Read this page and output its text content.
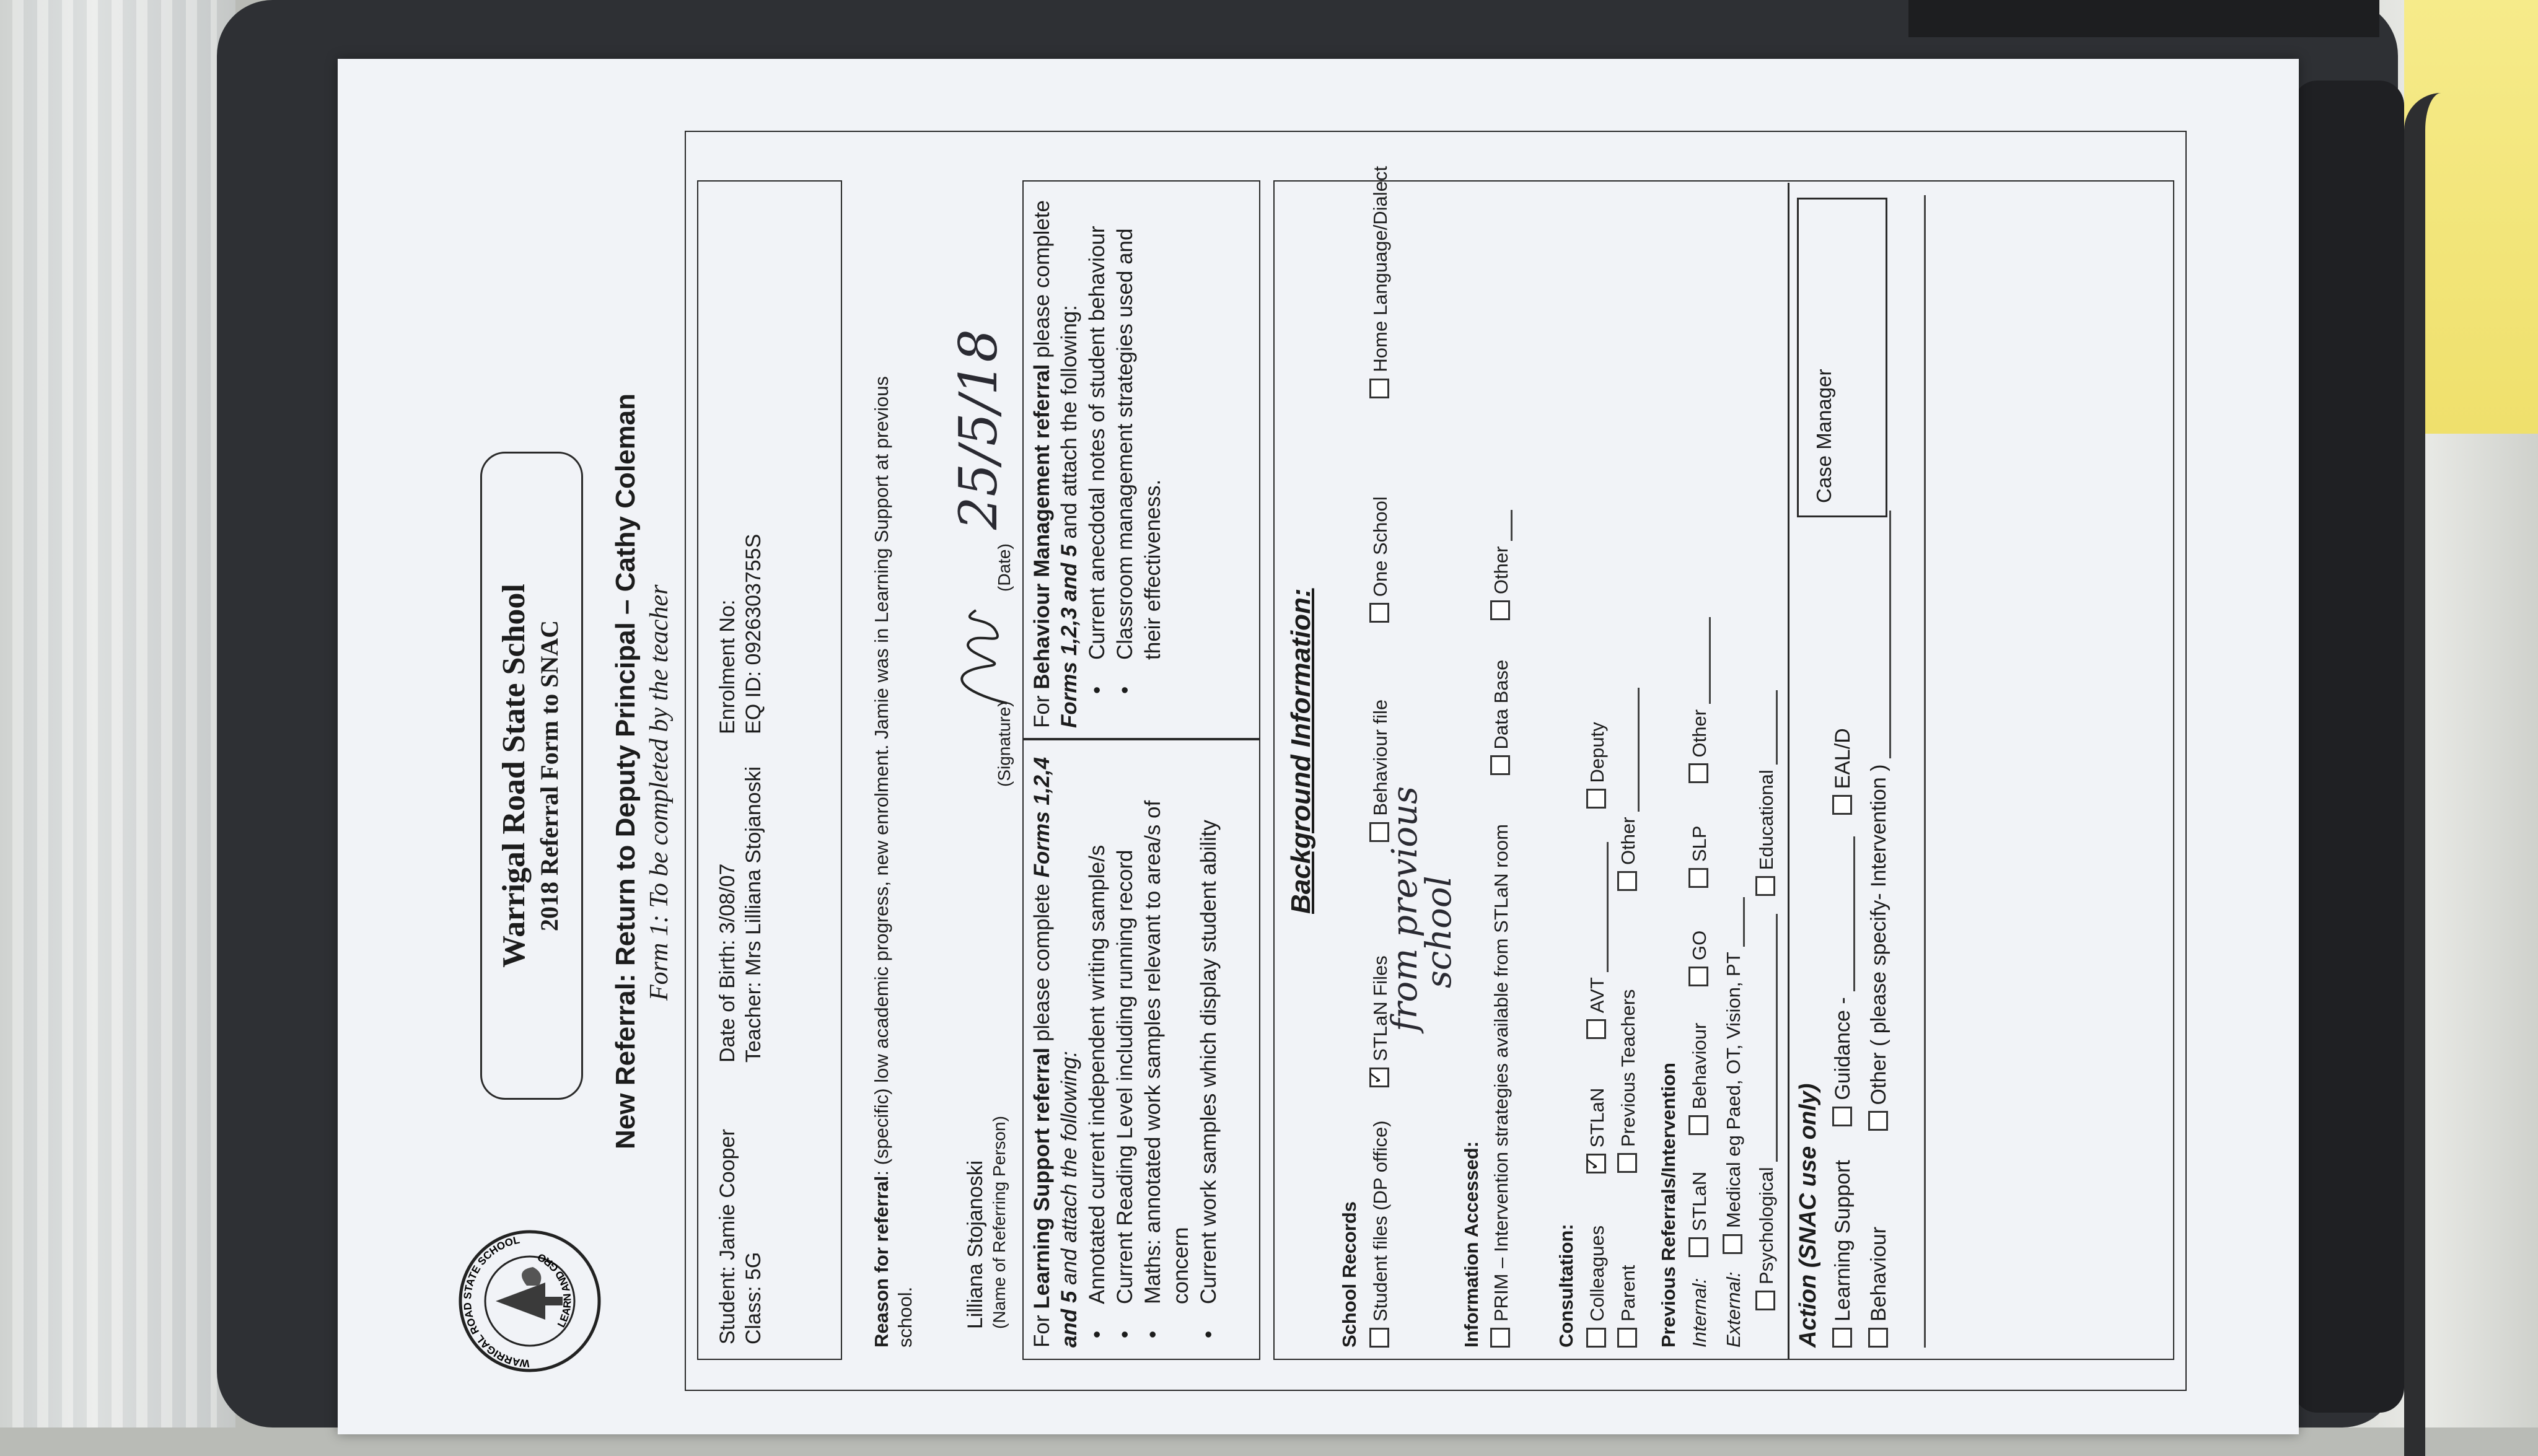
WARRIGAL ROAD STATE SCHOOL
LEARN AND GRO
Warrigal Road State School 2018 Referral Form to SNAC New Referral: Return to Deputy Principal – Cathy Coleman Form 1: To be completed by the teacher
Student: Jamie Cooper
Class: 5G
Date of Birth: 3/08/07
Teacher: Mrs Lilliana Stojanoski
Enrolment No: EQ ID: 0926303755S
Reason for referral: (specific) low academic progress, new enrolment. Jamie was in Learning Support at previous
school. Lilliana Stojanoski (Name of Referring Person)
(Signature)
(Date)
25/5/18
For Learning Support referral please complete Forms 1,2,4 and 5 and attach the following: • Annotated current independent writing sample/s • Current Reading Level including running record • Maths: annotated work samples relevant to area/s of concern • Current work samples which display student ability
For Behaviour Management referral please complete Forms 1,2,3 and 5 and attach the following: • Current anecdotal notes of student behaviour • Classroom management strategies used and their effectiveness.
Background Information:
School Records Student files (DP office) ✓STLaN Files Behaviour file One School Home Language/Dialect
from previous
school
Information Accessed: PRIM – Intervention strategies available from STLaN room Data Base Other
Consultation: Colleagues ✓STLaN AVT  Deputy
Parent Previous Teachers Other
Previous Referrals/Intervention Internal: STLaN Behaviour GO SLP Other
External: Medical eg Paed, OT, Vision, PT Psychological  Educational
Action (SNAC use only) Learning Support Guidance -  EAL/D
Behaviour Other ( please specify- Intervention )
Case Manager
